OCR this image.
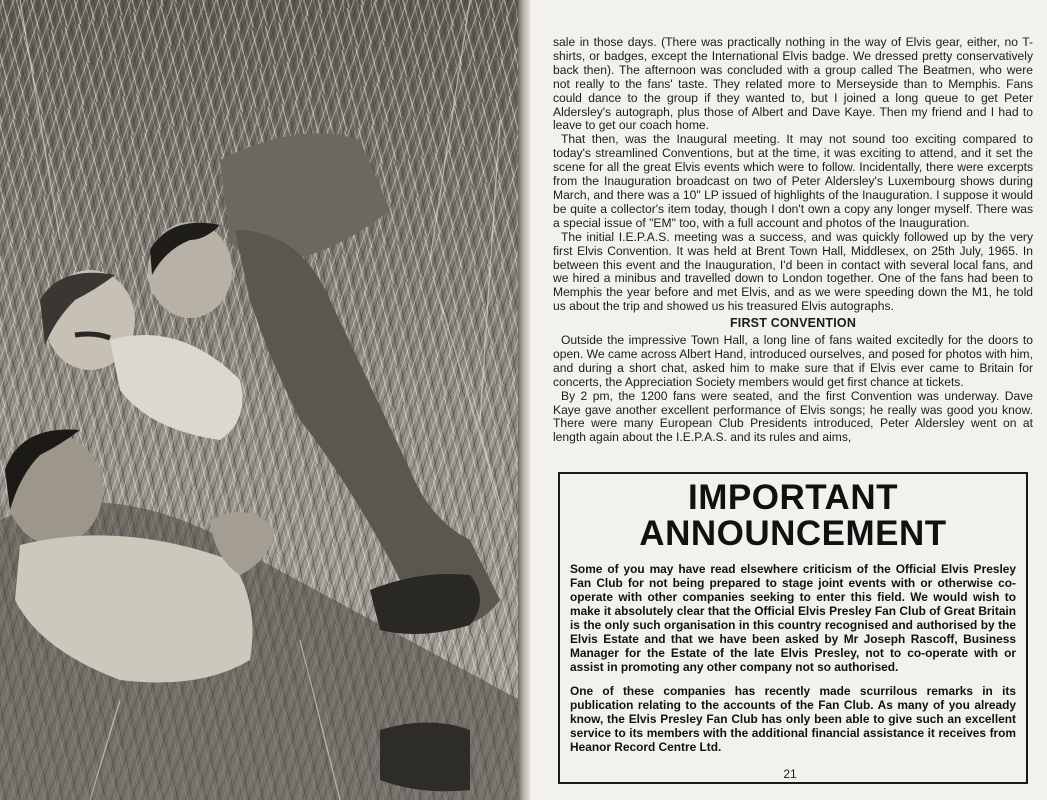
sale in those days. (There was practically nothing in the way of Elvis gear, either, no T-shirts, or badges, except the International Elvis badge. We dressed pretty conservatively back then). The afternoon was concluded with a group called The Beatmen, who were not really to the fans' taste. They related more to Merseyside than to Memphis. Fans could dance to the group if they wanted to, but I joined a long queue to get Peter Aldersley's autograph, plus those of Albert and Dave Kaye. Then my friend and I had to leave to get our coach home.

That then, was the Inaugural meeting. It may not sound too exciting compared to today's streamlined Conventions, but at the time, it was exciting to attend, and it set the scene for all the great Elvis events which were to follow. Incidentally, there were excerpts from the Inauguration broadcast on two of Peter Aldersley's Luxembourg shows during March, and there was a 10" LP issued of highlights of the Inauguration. I suppose it would be quite a collector's item today, though I don't own a copy any longer myself. There was a special issue of "EM" too, with a full account and photos of the Inauguration.

The initial I.E.P.A.S. meeting was a success, and was quickly followed up by the very first Elvis Convention. It was held at Brent Town Hall, Middlesex, on 25th July, 1965. In between this event and the Inauguration, I'd been in contact with several local fans, and we hired a minibus and travelled down to London together. One of the fans had been to Memphis the year before and met Elvis, and as we were speeding down the M1, he told us about the trip and showed us his treasured Elvis autographs.

FIRST CONVENTION

Outside the impressive Town Hall, a long line of fans waited excitedly for the doors to open. We came across Albert Hand, introduced ourselves, and posed for photos with him, and during a short chat, asked him to make sure that if Elvis ever came to Britain for concerts, the Appreciation Society members would get first chance at tickets.

By 2 pm, the 1200 fans were seated, and the first Convention was underway. Dave Kaye gave another excellent performance of Elvis songs; he really was good you know. There were many European Club Presidents introduced, Peter Aldersley went on at length again about the I.E.P.A.S. and its rules and aims,

IMPORTANT
ANNOUNCEMENT

Some of you may have read elsewhere criticism of the Official Elvis Presley Fan Club for not being prepared to stage joint events with or otherwise co-operate with other companies seeking to enter this field. We would wish to make it absolutely clear that the Official Elvis Presley Fan Club of Great Britain is the only such organisation in this country recognised and authorised by the Elvis Estate and that we have been asked by Mr Joseph Rascoff, Business Manager for the Estate of the late Elvis Presley, not to co-operate with or assist in promoting any other company not so authorised.

One of these companies has recently made scurrilous remarks in its publication relating to the accounts of the Fan Club. As many of you already know, the Elvis Presley Fan Club has only been able to give such an excellent service to its members with the additional financial assistance it receives from Heanor Record Centre Ltd.

21
